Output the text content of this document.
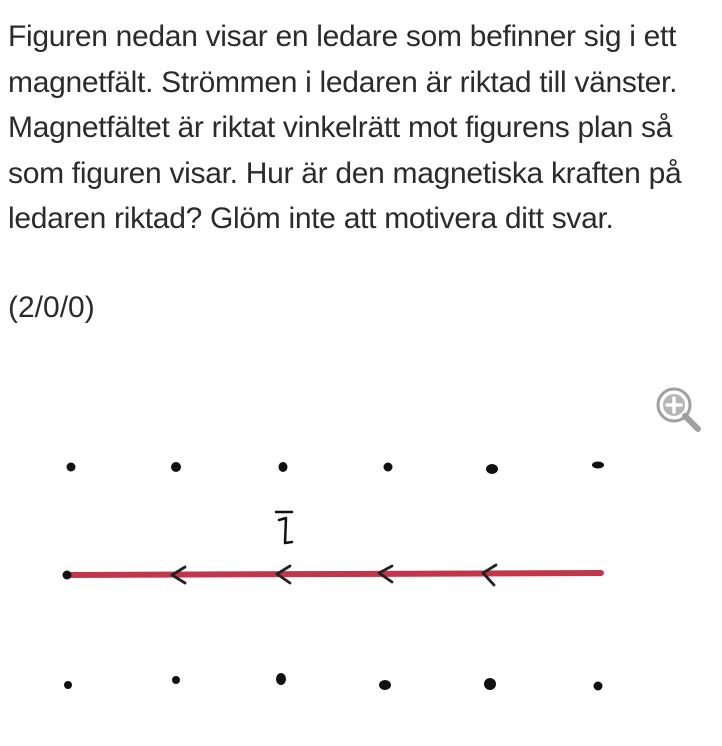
Figuren nedan visar en ledare som befinner sig i ett magnetfält. Strömmen i ledaren är riktad till vänster. Magnetfältet är riktat vinkelrätt mot figurens plan så som figuren visar. Hur är den magnetiska kraften på ledaren riktad? Glöm inte att motivera ditt svar.

(2/0/0)

I
